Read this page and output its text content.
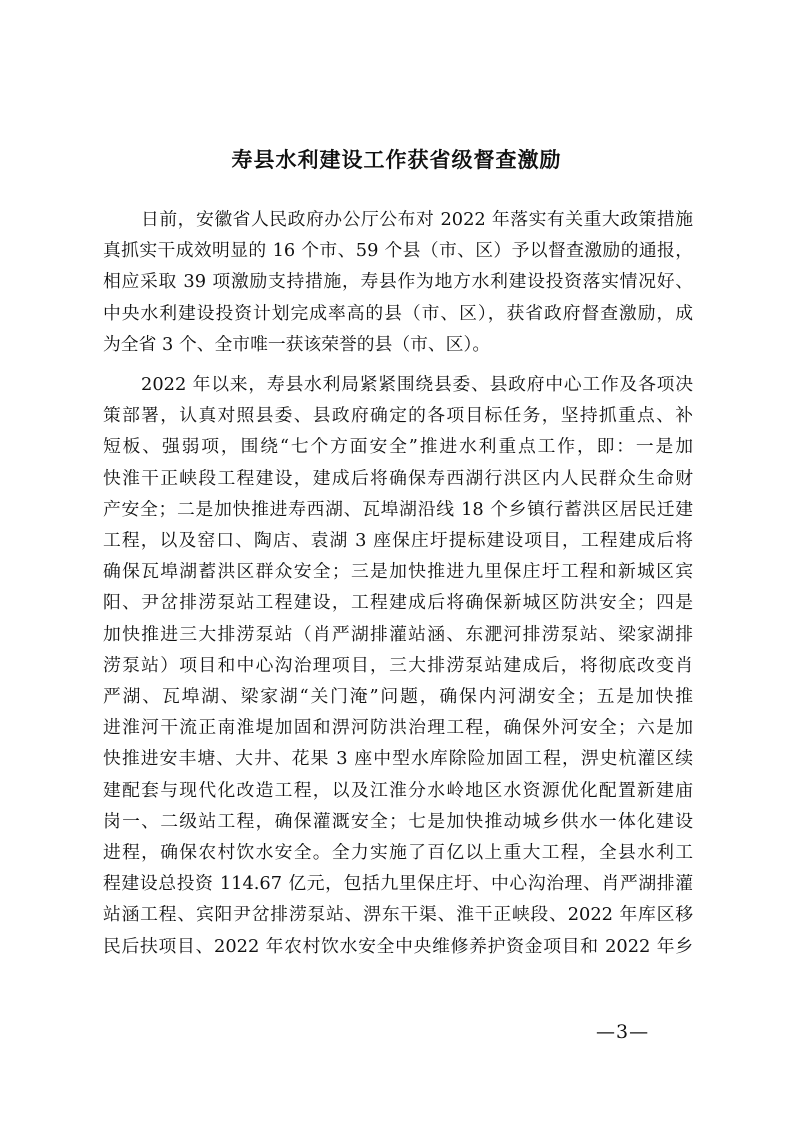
寿县水利建设工作获省级督查激励

日前，安徽省人民政府办公厅公布对 2022 年落实有关重大政策措施
真抓实干成效明显的 16 个市、59 个县（市、区）予以督查激励的通报，
相应采取 39 项激励支持措施，寿县作为地方水利建设投资落实情况好、
中央水利建设投资计划完成率高的县（市、区），获省政府督查激励，成
为全省 3 个、全市唯一获该荣誉的县（市、区）。

2022 年以来，寿县水利局紧紧围绕县委、县政府中心工作及各项决
策部署，认真对照县委、县政府确定的各项目标任务，坚持抓重点、补
短板、强弱项，围绕“七个方面安全”推进水利重点工作，即：一是加
快淮干正峡段工程建设，建成后将确保寿西湖行洪区内人民群众生命财
产安全；二是加快推进寿西湖、瓦埠湖沿线 18 个乡镇行蓄洪区居民迁建
工程，以及窑口、陶店、袁湖 3 座保庄圩提标建设项目，工程建成后将
确保瓦埠湖蓄洪区群众安全；三是加快推进九里保庄圩工程和新城区宾
阳、尹岔排涝泵站工程建设，工程建成后将确保新城区防洪安全；四是
加快推进三大排涝泵站（肖严湖排灌站涵、东淝河排涝泵站、梁家湖排
涝泵站）项目和中心沟治理项目，三大排涝泵站建成后，将彻底改变肖
严湖、瓦埠湖、梁家湖“关门淹”问题，确保内河湖安全；五是加快推
进淮河干流正南淮堤加固和淠河防洪治理工程，确保外河安全；六是加
快推进安丰塘、大井、花果 3 座中型水库除险加固工程，淠史杭灌区续
建配套与现代化改造工程，以及江淮分水岭地区水资源优化配置新建庙
岗一、二级站工程，确保灌溉安全；七是加快推动城乡供水一体化建设
进程，确保农村饮水安全。全力实施了百亿以上重大工程，全县水利工
程建设总投资 114.67 亿元，包括九里保庄圩、中心沟治理、肖严湖排灌
站涵工程、宾阳尹岔排涝泵站、淠东干渠、淮干正峡段、2022 年库区移
民后扶项目、2022 年农村饮水安全中央维修养护资金项目和 2022 年乡

—3—
